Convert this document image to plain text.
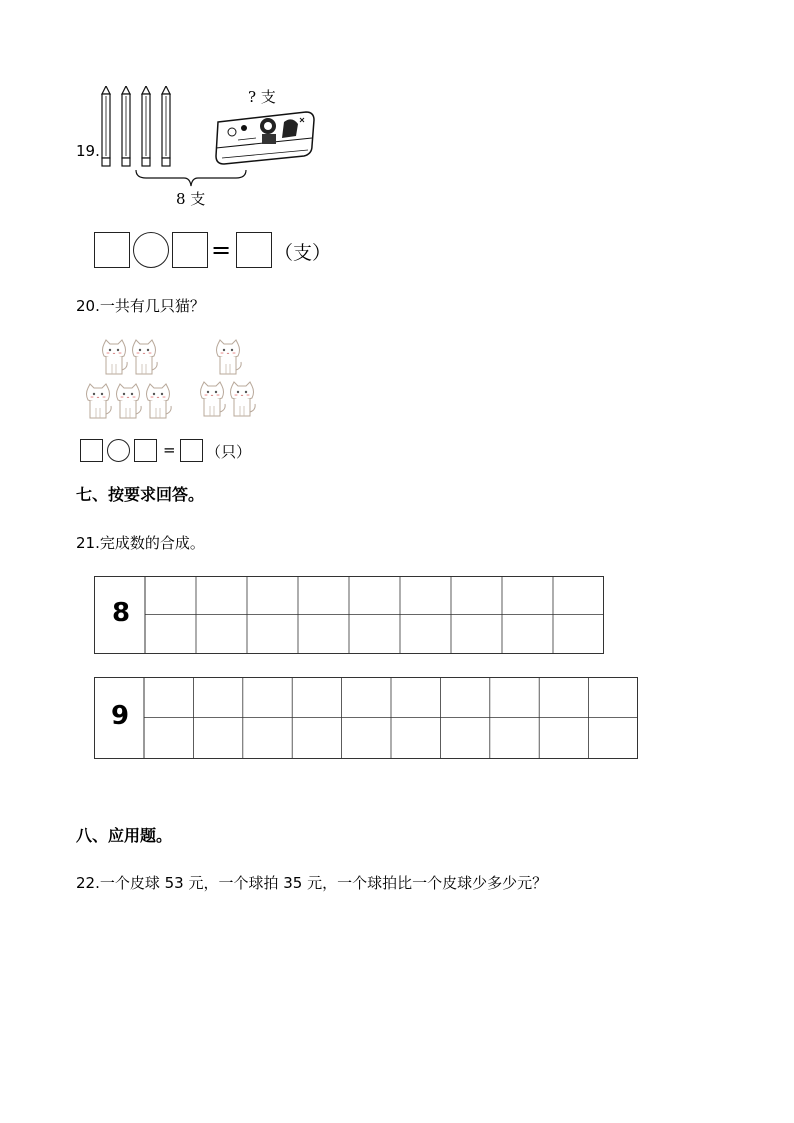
19.
? 支
8 支
= （支）
20.一共有几只猫？
= （只）
七、按要求回答。
21.完成数的合成。
8
9
八、应用题。
22.一个皮球 53 元，一个球拍 35 元，一个球拍比一个皮球少多少元？
